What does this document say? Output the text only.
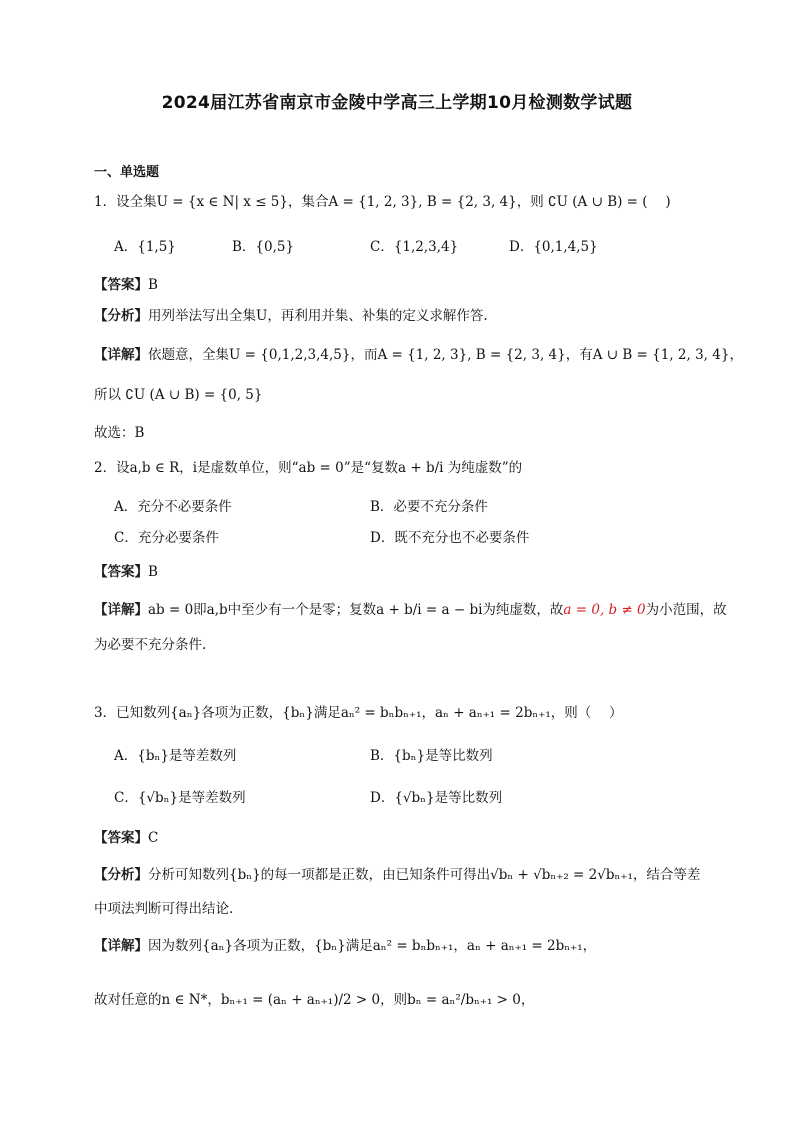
2024届江苏省南京市金陵中学高三上学期10月检测数学试题
一、单选题
1．设全集U = {x ∈ N| x ≤ 5}，集合A = {1, 2, 3}, B = {2, 3, 4}，则 ∁U (A ∪ B) = (　 )
A．{1,5}	B．{0,5}	C．{1,2,3,4}	D．{0,1,4,5}
【答案】B
【分析】用列举法写出全集U，再利用并集、补集的定义求解作答.
【详解】依题意，全集U = {0,1,2,3,4,5}，而A = {1, 2, 3}, B = {2, 3, 4}，有A ∪ B = {1, 2, 3, 4}，
所以 ∁U (A ∪ B) = {0, 5}
故选：B
2．设a,b ∈ R，i是虚数单位，则“ab = 0”是“复数a + b/i 为纯虚数”的
A．充分不必要条件	B．必要不充分条件
C．充分必要条件	D．既不充分也不必要条件
【答案】B
【详解】ab = 0即a,b中至少有一个是零；复数a + b/i = a − bi为纯虚数，故a = 0, b ≠ 0为小范围，故
为必要不充分条件.
3．已知数列{aₙ}各项为正数，{bₙ}满足aₙ² = bₙbₙ₊₁，aₙ + aₙ₊₁ = 2bₙ₊₁，则（　 ）
A．{bₙ}是等差数列	B．{bₙ}是等比数列
C．{√bₙ}是等差数列	D．{√bₙ}是等比数列
【答案】C
【分析】分析可知数列{bₙ}的每一项都是正数，由已知条件可得出√bₙ + √bₙ₊₂ = 2√bₙ₊₁，结合等差
中项法判断可得出结论.
【详解】因为数列{aₙ}各项为正数，{bₙ}满足aₙ² = bₙbₙ₊₁，aₙ + aₙ₊₁ = 2bₙ₊₁，
故对任意的n ∈ N*，bₙ₊₁ = (aₙ + aₙ₊₁)/2 > 0，则bₙ = aₙ²/bₙ₊₁ > 0，
